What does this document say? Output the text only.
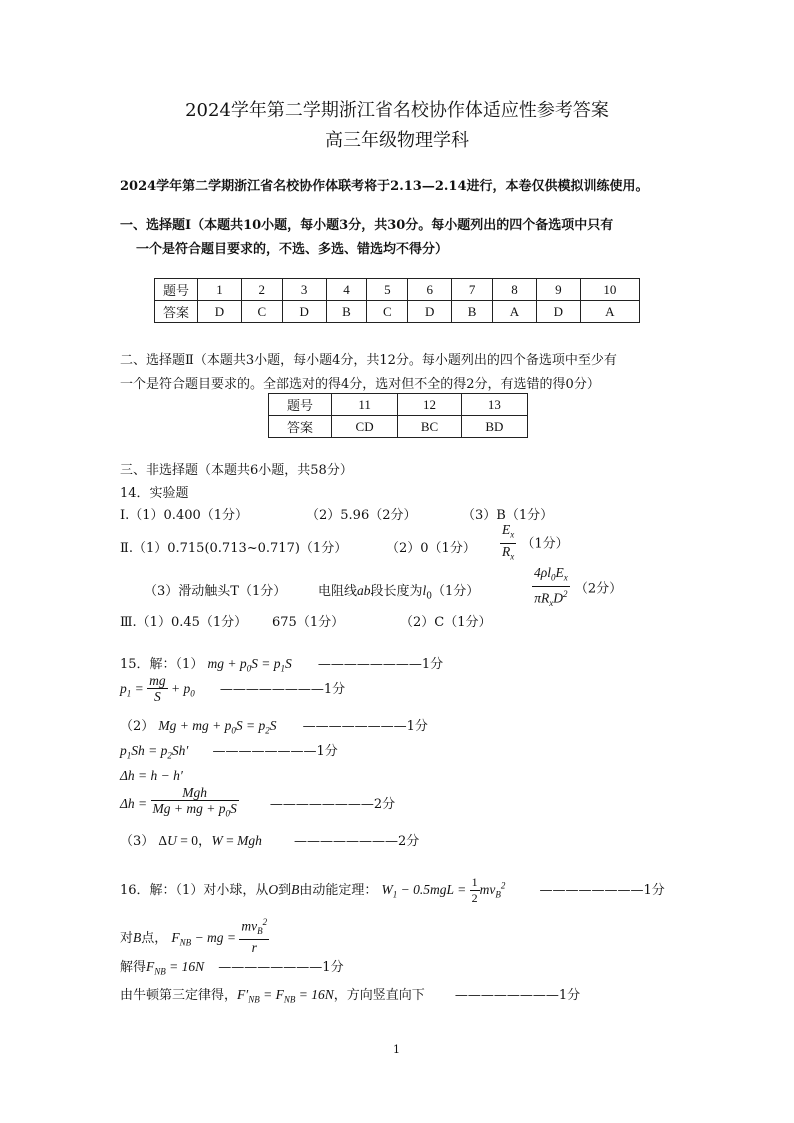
2024学年第二学期浙江省名校协作体适应性参考答案
高三年级物理学科
2024学年第二学期浙江省名校协作体联考将于2.13—2.14进行，本卷仅供模拟训练使用。
一、选择题Ⅰ（本题共10小题，每小题3分，共30分。每小题列出的四个备选项中只有
一个是符合题目要求的，不选、多选、错选均不得分）
题号	1	2	3	4	5	6	7	8	9	10
答案	D	C	D	B	C	D	B	A	D	A
二、选择题Ⅱ（本题共3小题，每小题4分，共12分。每小题列出的四个备选项中至少有
一个是符合题目要求的。全部选对的得4分，选对但不全的得2分，有选错的得0分）
题号	11	12	13
答案	CD	BC	BD
三、非选择题（本题共6小题，共58分）
14．实验题
Ⅰ.（1）0.400（1分）	（2）5.96（2分）	（3）B（1分）
Ⅱ.（1）0.715(0.713~0.717)（1分）	（2）0（1分） $\frac{E_x}{R_x} (1$分）
（3）滑动触头T（1分） 电阻线ab段长度为$l_0(1$分）	$\frac{4\rho l_0E_x}{\pi R_xD^2} (2$分）
Ⅲ.（1）0.45（1分） 675（1分）	（2）C（1分）
15．解：（1） mg + $p_0S = p_1S$ ————————1分
$p_1 = \frac{mg}{S} + p_0$ ————————1分
（2） Mg + mg + $p_0S = p_2S$ ————————1分
$p_1Sh = p_2Sh'$ ————————1分
Δh = h − h′
$\Delta h = \frac{\text{Mgh}}{Mg + mg + p_0S}$ ————————2分
（3） ΔU = 0，W = Mgh ————————2分
16．解：（1）对小球，从O到B由动能定理： $W_1 - 0.5mgL = \frac{1}{2} mv_B^2$	————————1分
对B点， $F_{NB}$ − mg = $\frac{mv_B^2}{r}$
解得$F_{NB} = 16N$ ————————1分
由牛顿第三定律得，$F'_{NB} = F_{NB} = 16N$，方向竖直向下 ————————1分
1
